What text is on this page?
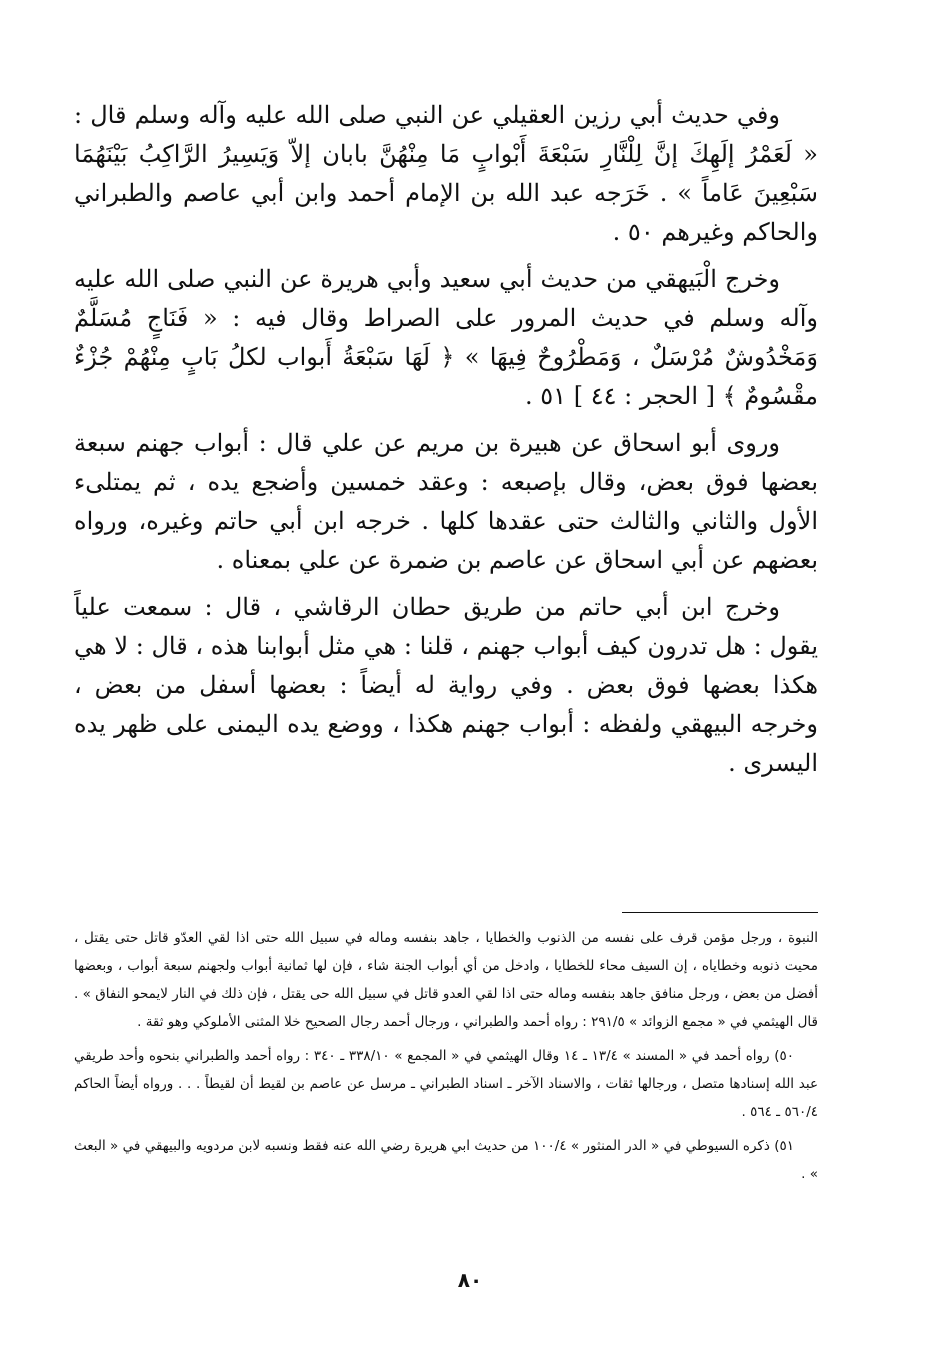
وفي حديث أبي رزين العقيلي عن النبي صلى الله عليه وآله وسلم قال : « لَعَمْرُ إلَهِكَ إنَّ لِلْنَّارِ سَبْعَةَ أَبْوابٍ مَا مِنْهُنَّ بابان إلاّ وَيَسِيرُ الرَّاكِبُ بَيْنَهُمَا سَبْعِينَ عَاماً » . خَرَجه عبد الله بن الإمام أحمد وابن أبي عاصم والطبراني والحاكم وغيرهم ٥٠ .

وخرج الْبَيهقي من حديث أبي سعيد وأبي هريرة عن النبي صلى الله عليه وآله وسلم في حديث المرور على الصراط وقال فيه : « فَنَاجٍ مُسَلَّمٌ وَمَخْدُوشٌ مُرْسَلٌ ، وَمَطْرُوحٌ فِيهَا » ﴿ لَهَا سَبْعَةُ أَبواب لكلُ بَابٍ مِنْهُمْ جُزْءٌ مقْسُومٌ ﴾ [ الحجر : ٤٤ ] ٥١ .

وروى أبو اسحاق عن هبيرة بن مريم عن علي قال : أبواب جهنم سبعة بعضها فوق بعض، وقال بإصبعه : وعقد خمسين وأضجع يده ، ثم يمتلىء الأول والثاني والثالث حتى عقدها كلها . خرجه ابن أبي حاتم وغيره، ورواه بعضهم عن أبي اسحاق عن عاصم بن ضمرة عن علي بمعناه .

وخرج ابن أبي حاتم من طريق حطان الرقاشي ، قال : سمعت علياً يقول : هل تدرون كيف أبواب جهنم ، قلنا : هي مثل أبوابنا هذه ، قال : لا هي هكذا بعضها فوق بعض . وفي رواية له أيضاً : بعضها أسفل من بعض ، وخرجه البيهقي ولفظه : أبواب جهنم هكذا ، ووضع يده اليمنى على ظهر يده اليسرى .

النبوة ، ورجل مؤمن قرف على نفسه من الذنوب والخطايا ، جاهد بنفسه وماله في سبيل الله حتى اذا لقي العدّو قاتل حتى يقتل ، محيت ذنوبه وخطاياه ، إن السيف محاء للخطايا ، وادخل من أي أبواب الجنة شاء ، فإن لها ثمانية أبواب ولجهنم سبعة أبواب ، وبعضها أفضل من بعض ، ورجل منافق جاهد بنفسه وماله حتى اذا لقي العدو قاتل في سبيل الله حى يقتل ، فإن ذلك في النار لايمحو النفاق » . قال الهيثمي في « مجمع الزوائد » ٢٩١/٥ : رواه أحمد والطبراني ، ورجال أحمد رجال الصحيح خلا المثنى الأملوكي وهو ثقة .

٥٠) رواه أحمد في « المسند » ١٣/٤ ـ ١٤ وقال الهيثمي في « المجمع » ٣٣٨/١٠ ـ ٣٤٠ : رواه أحمد والطبراني بنحوه وأحد طريقي عبد الله إسنادها متصل ، ورجالها ثقات ، والاسناد الآخر ـ اسناد الطبراني ـ مرسل عن عاصم بن لقيط أن لقيطاً . . . ورواه أيضاً الحاكم ٥٦٠/٤ ـ ٥٦٤ .

٥١) ذكره السيوطي في « الدر المنثور » ١٠٠/٤ من حديث ابي هريرة رضي الله عنه فقط ونسبه لابن مردويه والبيهقي في « البعث » .

٨٠
